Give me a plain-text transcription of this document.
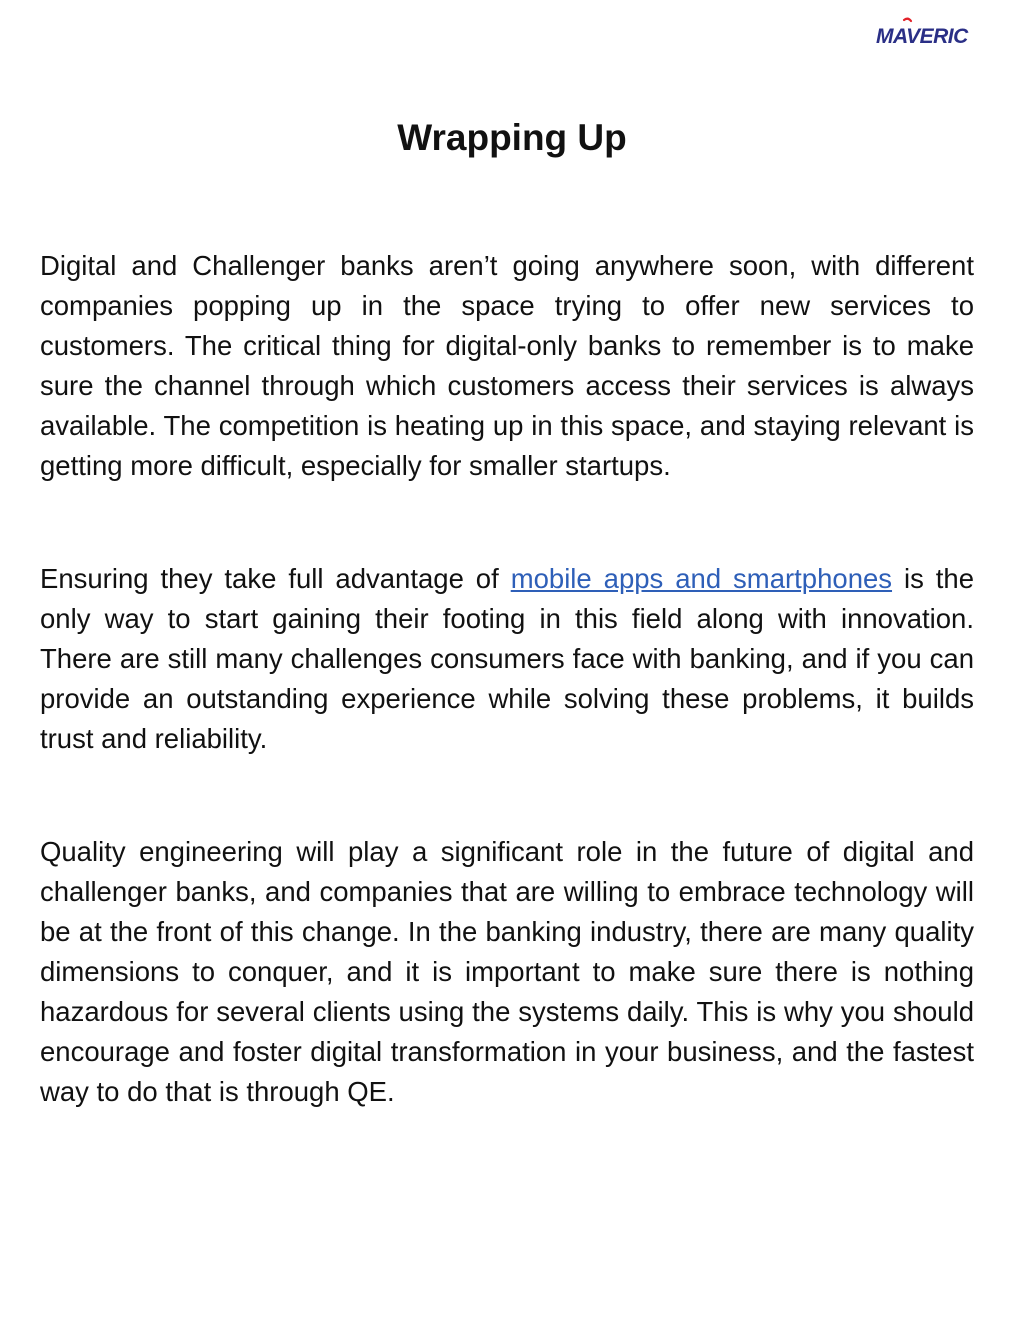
MAVERIC
Wrapping Up

Digital and Challenger banks aren’t going anywhere soon, with different companies popping up in the space trying to offer new services to customers. The critical thing for digital-only banks to remember is to make sure the channel through which customers access their services is always available. The competition is heating up in this space, and staying relevant is getting more difficult, especially for smaller startups.

Ensuring they take full advantage of mobile apps and smartphones is the only way to start gaining their footing in this field along with innovation. There are still many challenges consumers face with banking, and if you can provide an outstanding experience while solving these problems, it builds trust and reliability.

Quality engineering will play a significant role in the future of digital and challenger banks, and companies that are willing to embrace technology will be at the front of this change. In the banking industry, there are many quality dimensions to conquer, and it is important to make sure there is nothing hazardous for several clients using the systems daily. This is why you should encourage and foster digital transformation in your business, and the fastest way to do that is through QE.
